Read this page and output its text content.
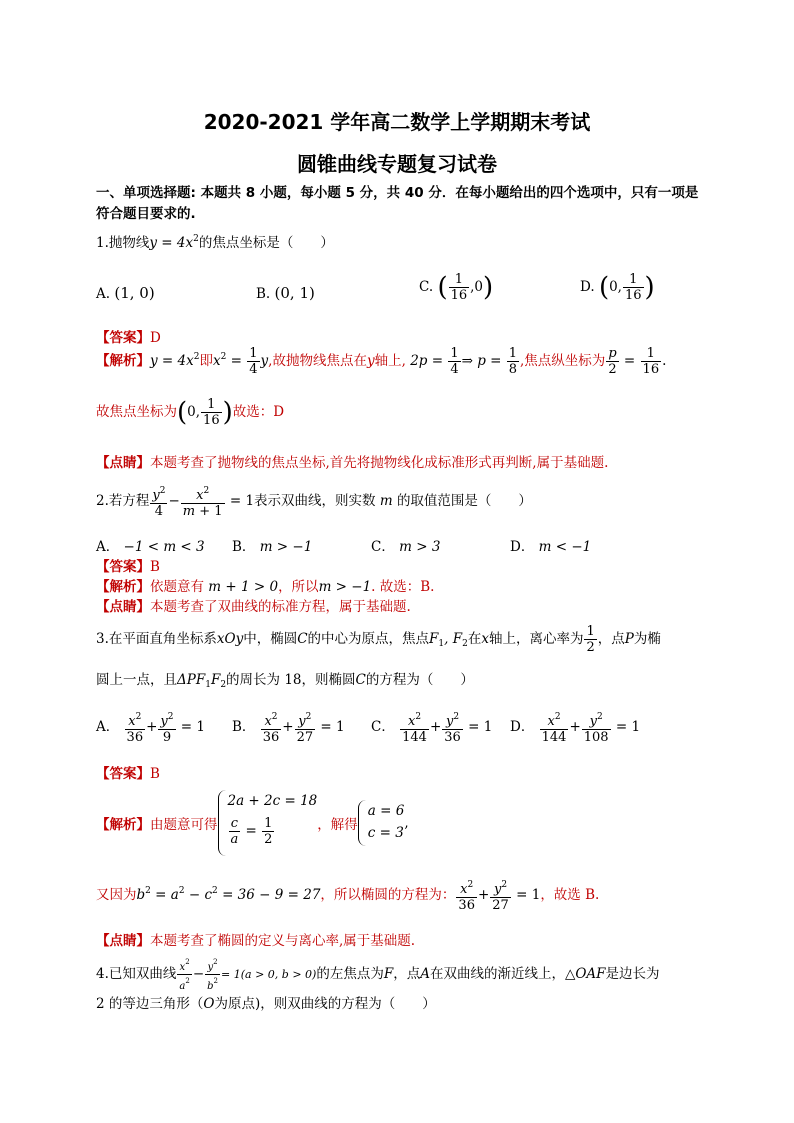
2020-2021 学年高二数学上学期期末考试
圆锥曲线专题复习试卷
一、单项选择题: 本题共 8 小题，每小题 5 分，共 40 分．在每小题给出的四个选项中，只有一项是
符合题目要求的.
1.抛物线$y = 4x^2$的焦点坐标是（　　）
A. (1, 0)	B. (0, 1)	C. ( $\frac{1}{16} ,0$)	D. (0, $\frac{1}{16}$ )
【答案】D
【解析】$y = 4x^2$即$x^2 = \frac{1}{4} y$,故抛物线焦点在y轴上, $2p = \frac{1}{4}$ ⇒ $p = \frac{1}{8}$ ,焦点纵坐标为 $\frac{p}{2} = \frac{1}{16}$ .
故焦点坐标为(0, $\frac{1}{16}$ )故选：D
【点睛】本题考查了抛物线的焦点坐标,首先将抛物线化成标准形式再判断,属于基础题.
2.若方程 $\frac{y^2}{4} - \frac{x^2}{m + 1} = 1$表示双曲线，则实数 m 的取值范围是（　　）
A． −1 < m < 3 B． m > −1	C． m > 3	D． m < −1
【答案】B
【解析】依题意有 m + 1 > 0，所以m > −1. 故选：B.
【点睛】本题考查了双曲线的标准方程，属于基础题.
3.在平面直角坐标系xOy中，椭圆C的中心为原点，焦点$F_1$, $F_2$在x轴上，离心率为 $\frac{1}{2}$ ，点P为椭
圆上一点，且$\Delta PF_1F_2$的周长为 18，则椭圆C的方程为（　　）
A． $\frac{x^2}{36} + \frac{y^2}{9} = 1$ B． $\frac{x^2}{36} + \frac{y^2}{27} = 1$ C． $\frac{x^2}{144} + \frac{y^2}{36} = 1$ D． $\frac{x^2}{144} + \frac{y^2}{108} = 1$
【答案】B
【解析】由题意可得
2a + 2c = 18
$\frac{c}{a} = \frac{1}{2}$	，解得
a = 6
c = 3
,
又因为$b^2 = a^2 - c^2 = 36 - 9 = 27$，所以椭圆的方程为： $\frac{x^2}{36} + \frac{y^2}{27} = 1$，故选 B.
【点睛】本题考查了椭圆的定义与离心率,属于基础题.
4.已知双曲线 $\frac{x^2}{a^2} - \frac{y^2}{b^2} = 1(a > 0$, b > 0)的左焦点为F，点A在双曲线的渐近线上，△OAF是边长为
2 的等边三角形（O为原点)，则双曲线的方程为（　　）
